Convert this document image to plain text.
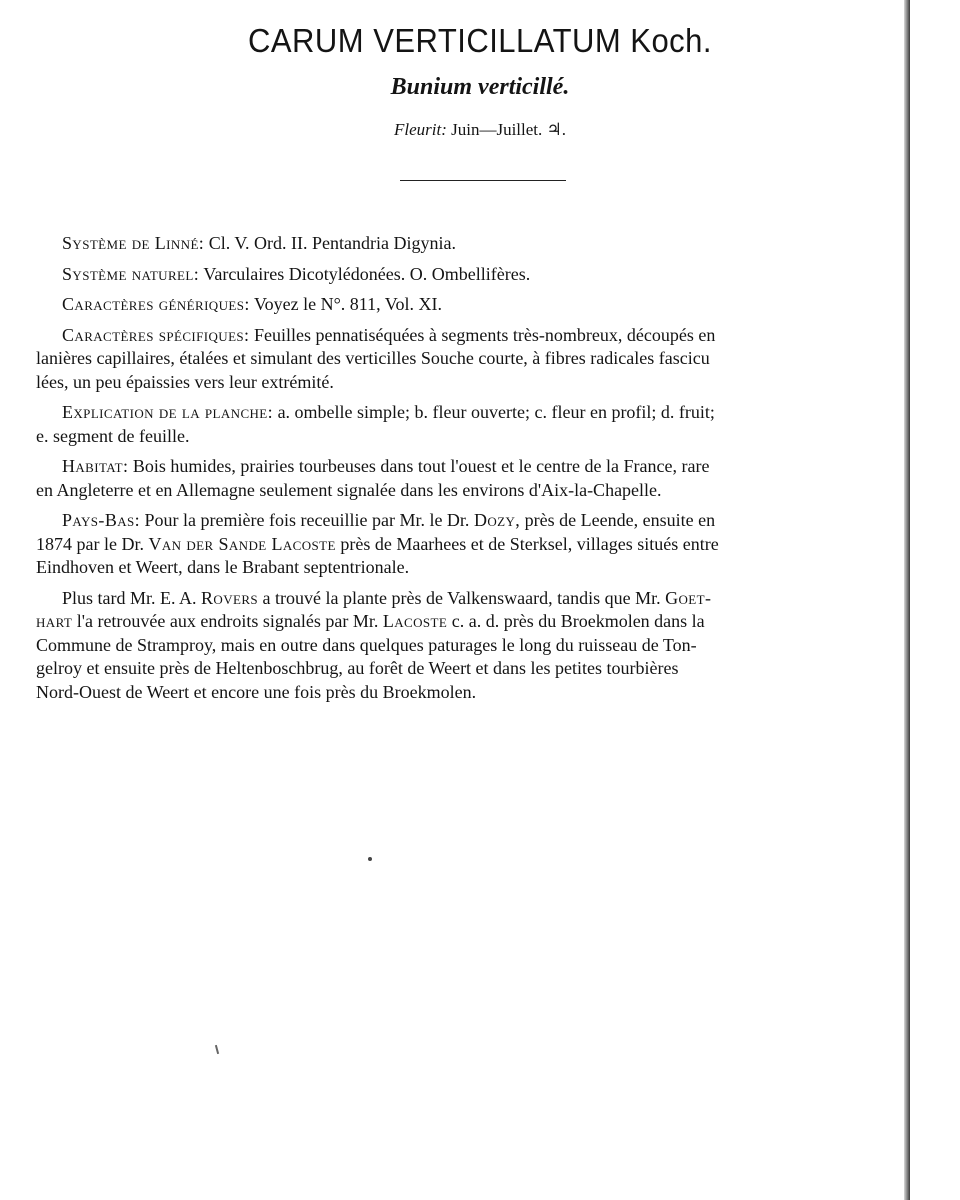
CARUM VERTICILLATUM Koch.
Bunium verticillé.
Fleurit: Juin—Juillet. ♃.
Système de Linné: Cl. V. Ord. II. Pentandria Digynia.
Système naturel: Varculaires Dicotylédonées. O. Ombellifères.
Caractères génériques: Voyez le N°. 811, Vol. XI.
Caractères spécifiques: Feuilles pennatiséquées à segments très-nombreux, découpés en
lanières capillaires, étalées et simulant des verticilles Souche courte, à fibres radicales fascicu
lées, un peu épaissies vers leur extrémité.
Explication de la planche: a. ombelle simple; b. fleur ouverte; c. fleur en profil; d. fruit;
e. segment de feuille.
Habitat: Bois humides, prairies tourbeuses dans tout l'ouest et le centre de la France, rare
en Angleterre et en Allemagne seulement signalée dans les environs d'Aix-la-Chapelle.
Pays-Bas: Pour la première fois receuillie par Mr. le Dr. Dozy, près de Leende, ensuite en
1874 par le Dr. Van der Sande Lacoste près de Maarhees et de Sterksel, villages situés entre
Eindhoven et Weert, dans le Brabant septentrionale.
Plus tard Mr. E. A. Rovers a trouvé la plante près de Valkenswaard, tandis que Mr. Goet-
hart l'a retrouvée aux endroits signalés par Mr. Lacoste c. a. d. près du Broekmolen dans la
Commune de Stramproy, mais en outre dans quelques paturages le long du ruisseau de Ton-
gelroy et ensuite près de Heltenboschbrug, au forêt de Weert et dans les petites tourbières
Nord-Ouest de Weert et encore une fois près du Broekmolen.
